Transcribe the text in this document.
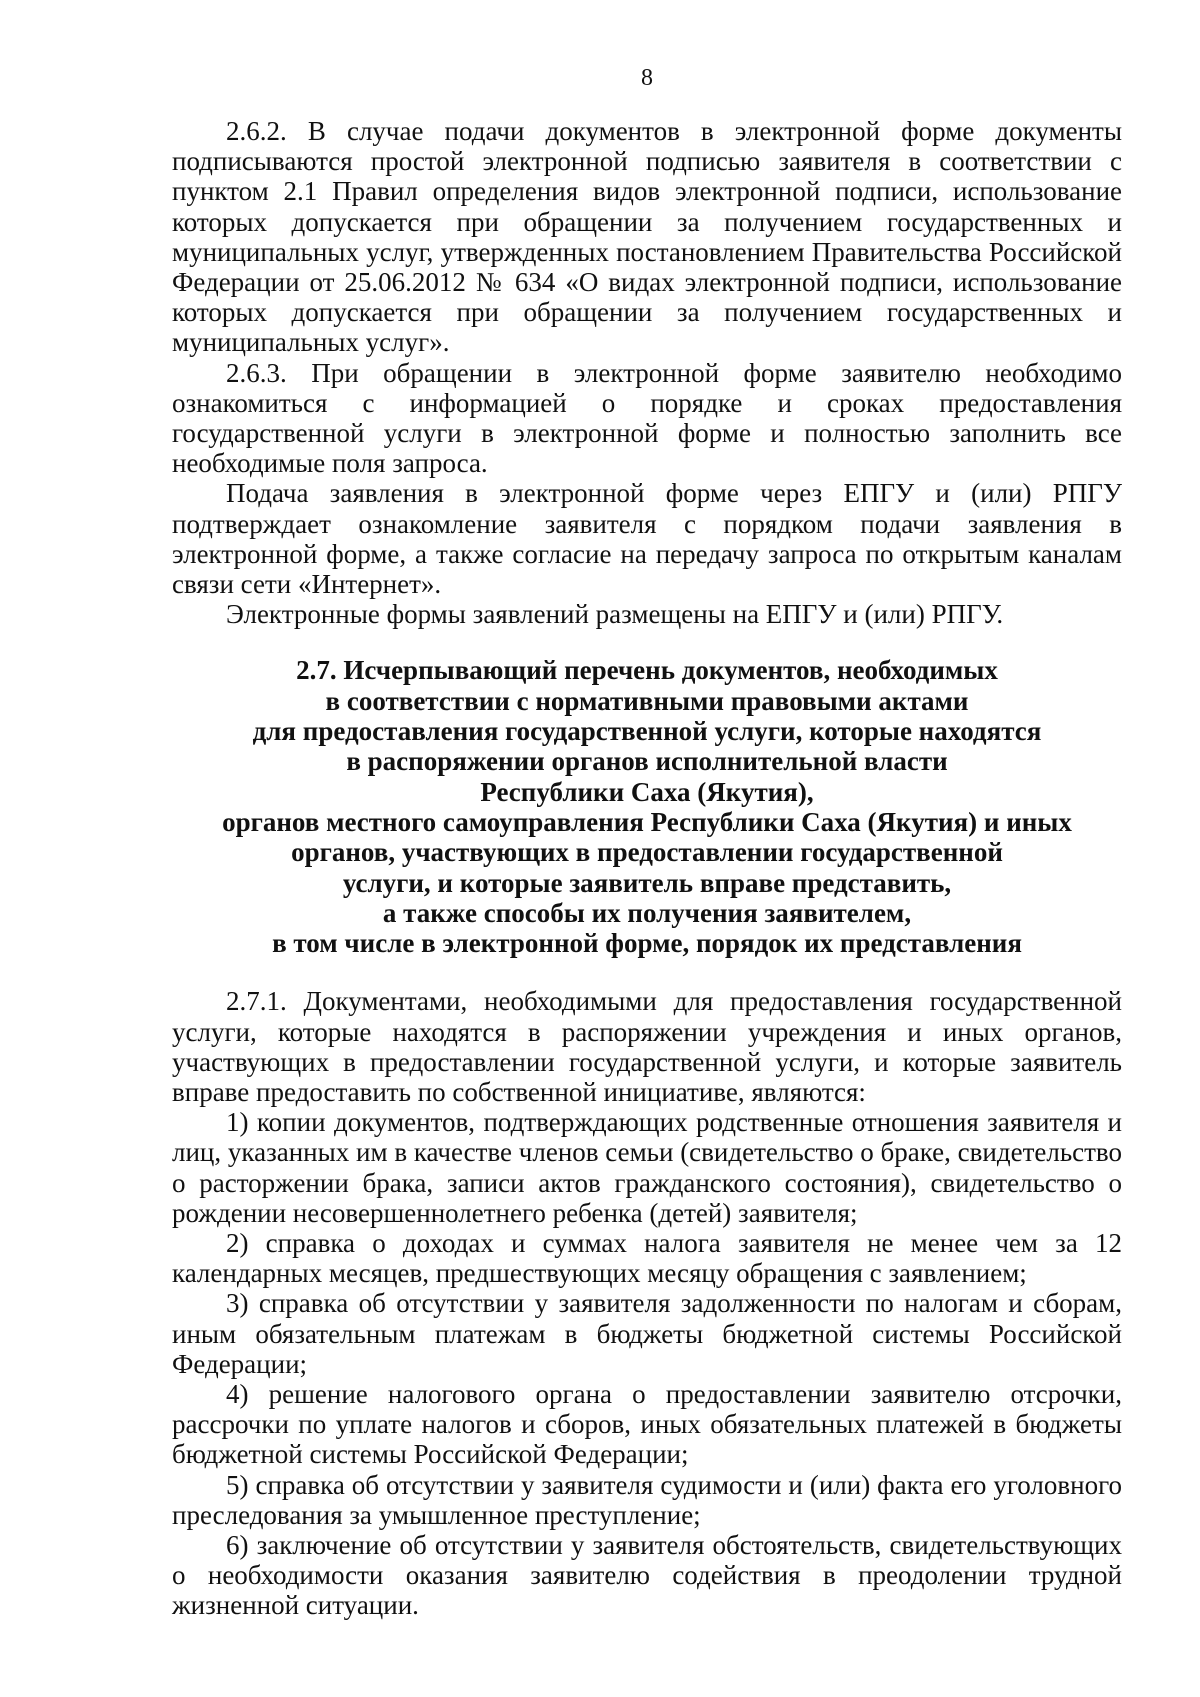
8

2.6.2. В случае подачи документов в электронной форме документы подписываются простой электронной подписью заявителя в соответствии с пунктом 2.1 Правил определения видов электронной подписи, использование которых допускается при обращении за получением государственных и муниципальных услуг, утвержденных постановлением Правительства Российской Федерации от 25.06.2012 № 634 «О видах электронной подписи, использование которых допускается при обращении за получением государственных и муниципальных услуг».

2.6.3. При обращении в электронной форме заявителю необходимо ознакомиться с информацией о порядке и сроках предоставления государственной услуги в электронной форме и полностью заполнить все необходимые поля запроса.

Подача заявления в электронной форме через ЕПГУ и (или) РПГУ подтверждает ознакомление заявителя с порядком подачи заявления в электронной форме, а также согласие на передачу запроса по открытым каналам связи сети «Интернет».

Электронные формы заявлений размещены на ЕПГУ и (или) РПГУ.

2.7. Исчерпывающий перечень документов, необходимых
в соответствии с нормативными правовыми актами
для предоставления государственной услуги, которые находятся
в распоряжении органов исполнительной власти
Республики Саха (Якутия),
органов местного самоуправления Республики Саха (Якутия) и иных
органов, участвующих в предоставлении государственной
услуги, и которые заявитель вправе представить,
а также способы их получения заявителем,
в том числе в электронной форме, порядок их представления

2.7.1. Документами, необходимыми для предоставления государственной услуги, которые находятся в распоряжении учреждения и иных органов, участвующих в предоставлении государственной услуги, и которые заявитель вправе предоставить по собственной инициативе, являются:

1) копии документов, подтверждающих родственные отношения заявителя и лиц, указанных им в качестве членов семьи (свидетельство о браке, свидетельство о расторжении брака, записи актов гражданского состояния), свидетельство о рождении несовершеннолетнего ребенка (детей) заявителя;

2) справка о доходах и суммах налога заявителя не менее чем за 12 календарных месяцев, предшествующих месяцу обращения с заявлением;

3) справка об отсутствии у заявителя задолженности по налогам и сборам, иным обязательным платежам в бюджеты бюджетной системы Российской Федерации;

4) решение налогового органа о предоставлении заявителю отсрочки, рассрочки по уплате налогов и сборов, иных обязательных платежей в бюджеты бюджетной системы Российской Федерации;

5) справка об отсутствии у заявителя судимости и (или) факта его уголовного преследования за умышленное преступление;

6) заключение об отсутствии у заявителя обстоятельств, свидетельствующих о необходимости оказания заявителю содействия в преодолении трудной жизненной ситуации.
